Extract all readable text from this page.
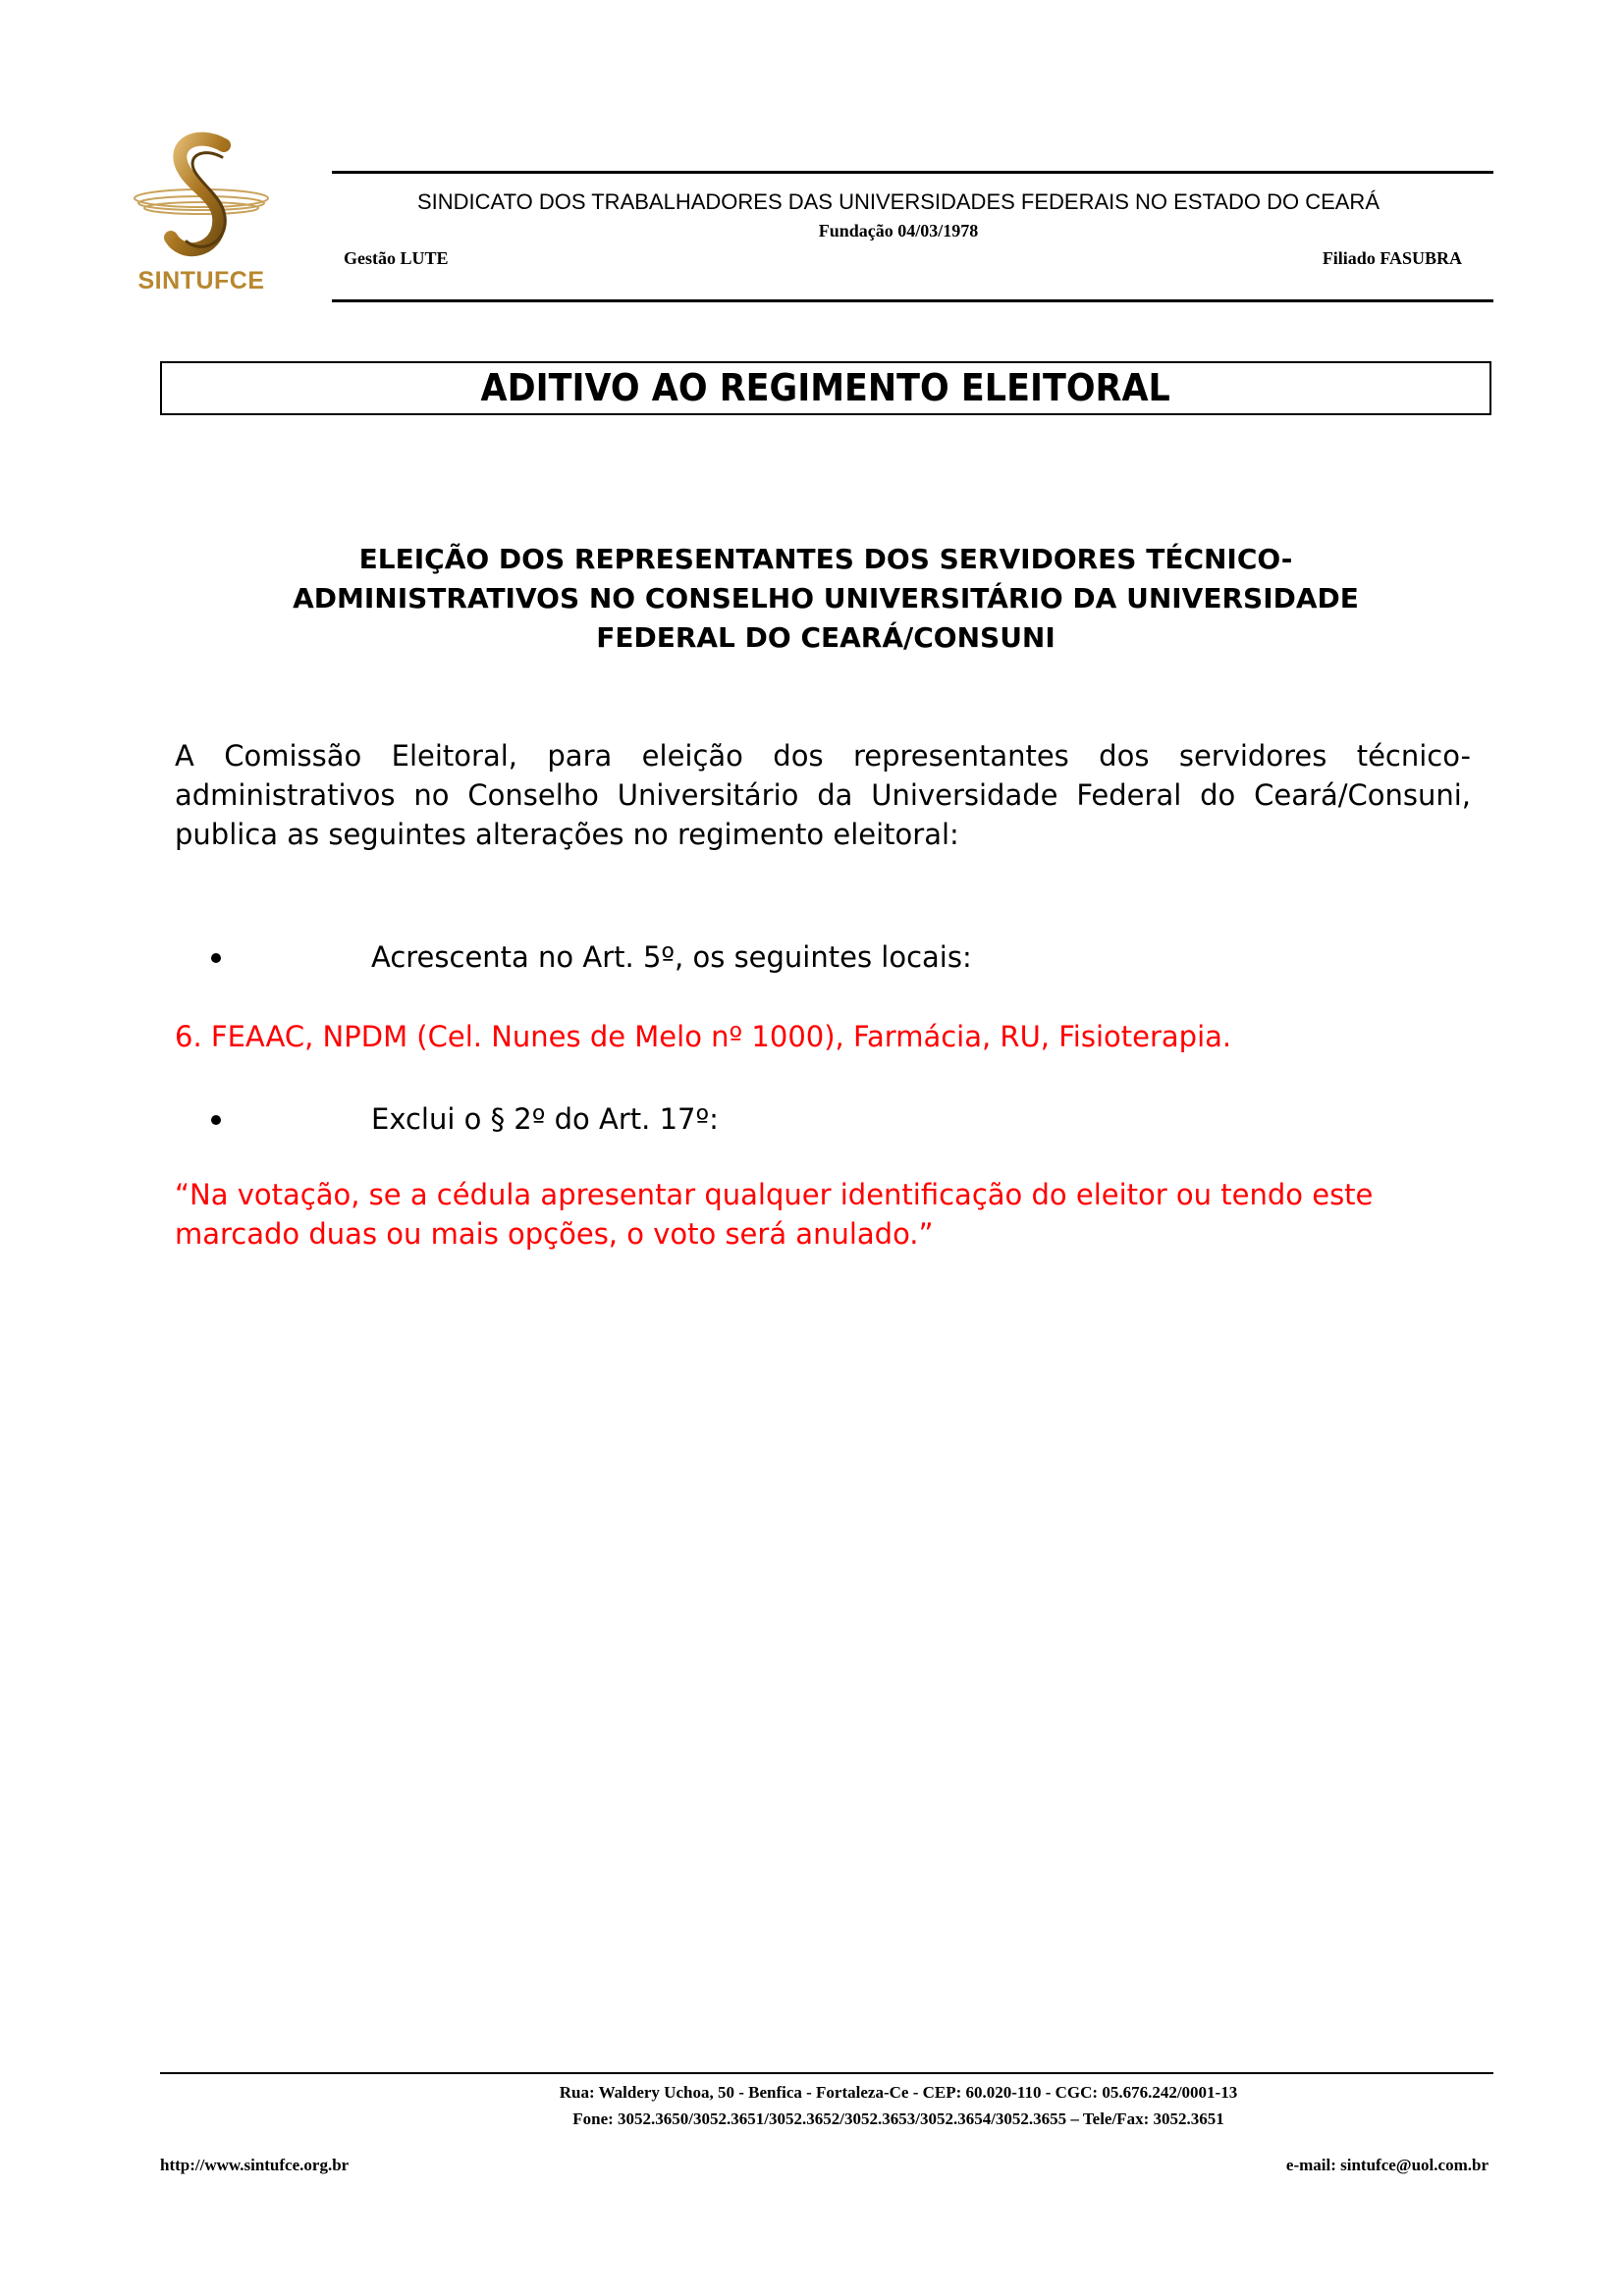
SINTUFCE
SINDICATO DOS TRABALHADORES DAS UNIVERSIDADES FEDERAIS NO ESTADO DO CEARÁ
Fundação 04/03/1978
Gestão LUTE	Filiado FASUBRA
ADITIVO AO REGIMENTO ELEITORAL
ELEIÇÃO DOS REPRESENTANTES DOS SERVIDORES TÉCNICO-
ADMINISTRATIVOS NO CONSELHO UNIVERSITÁRIO DA UNIVERSIDADE
FEDERAL DO CEARÁ/CONSUNI
A Comissão Eleitoral, para eleição dos representantes dos servidores técnico-
administrativos no Conselho Universitário da Universidade Federal do Ceará/Consuni,
publica as seguintes alterações no regimento eleitoral:
Acrescenta no Art. 5º, os seguintes locais:
6. FEAAC, NPDM (Cel. Nunes de Melo nº 1000), Farmácia, RU, Fisioterapia.
Exclui o § 2º do Art. 17º:
“Na votação, se a cédula apresentar qualquer identificação do eleitor ou tendo este
marcado duas ou mais opções, o voto será anulado.”
Rua: Waldery Uchoa, 50 - Benfica - Fortaleza-Ce - CEP: 60.020-110 - CGC: 05.676.242/0001-13
Fone: 3052.3650/3052.3651/3052.3652/3052.3653/3052.3654/3052.3655 – Tele/Fax: 3052.3651
http://www.sintufce.org.br	e-mail: sintufce@uol.com.br
